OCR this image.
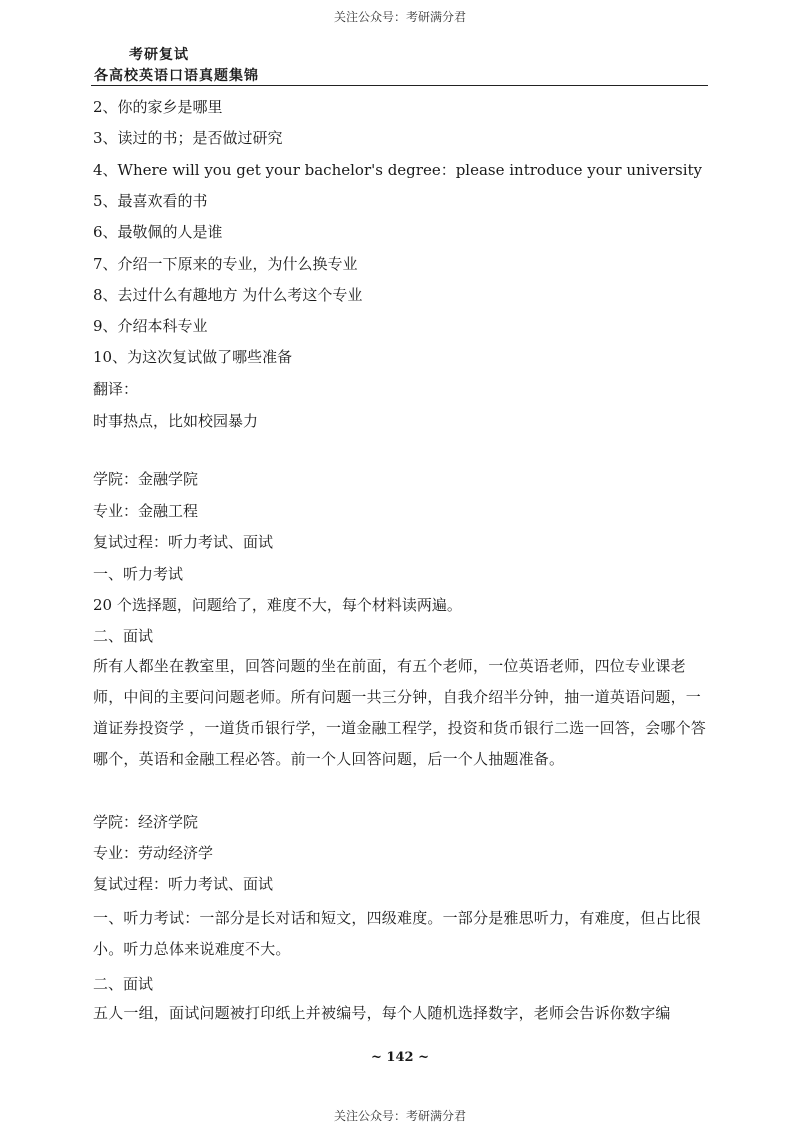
关注公众号：考研满分君
考研复试
各高校英语口语真题集锦
2、你的家乡是哪里
3、读过的书；是否做过研究
4、Where will you get your bachelor's degree：please introduce your university
5、最喜欢看的书
6、最敬佩的人是谁
7、介绍一下原来的专业，为什么换专业
8、去过什么有趣地方 为什么考这个专业
9、介绍本科专业
10、为这次复试做了哪些准备
翻译：
时事热点，比如校园暴力
学院：金融学院
专业：金融工程
复试过程：听力考试、面试
一、听力考试
20 个选择题，问题给了，难度不大，每个材料读两遍。
二、面试
所有人都坐在教室里，回答问题的坐在前面，有五个老师，一位英语老师，四位专业课老师，中间的主要问问题老师。所有问题一共三分钟，自我介绍半分钟，抽一道英语问题，一道证券投资学 ，一道货币银行学，一道金融工程学，投资和货币银行二选一回答，会哪个答哪个，英语和金融工程必答。前一个人回答问题，后一个人抽题准备。
学院：经济学院
专业：劳动经济学
复试过程：听力考试、面试
一、听力考试：一部分是长对话和短文，四级难度。一部分是雅思听力，有难度，但占比很小。听力总体来说难度不大。
二、面试
五人一组，面试问题被打印纸上并被编号，每个人随机选择数字，老师会告诉你数字编
~ 142 ~
关注公众号：考研满分君
